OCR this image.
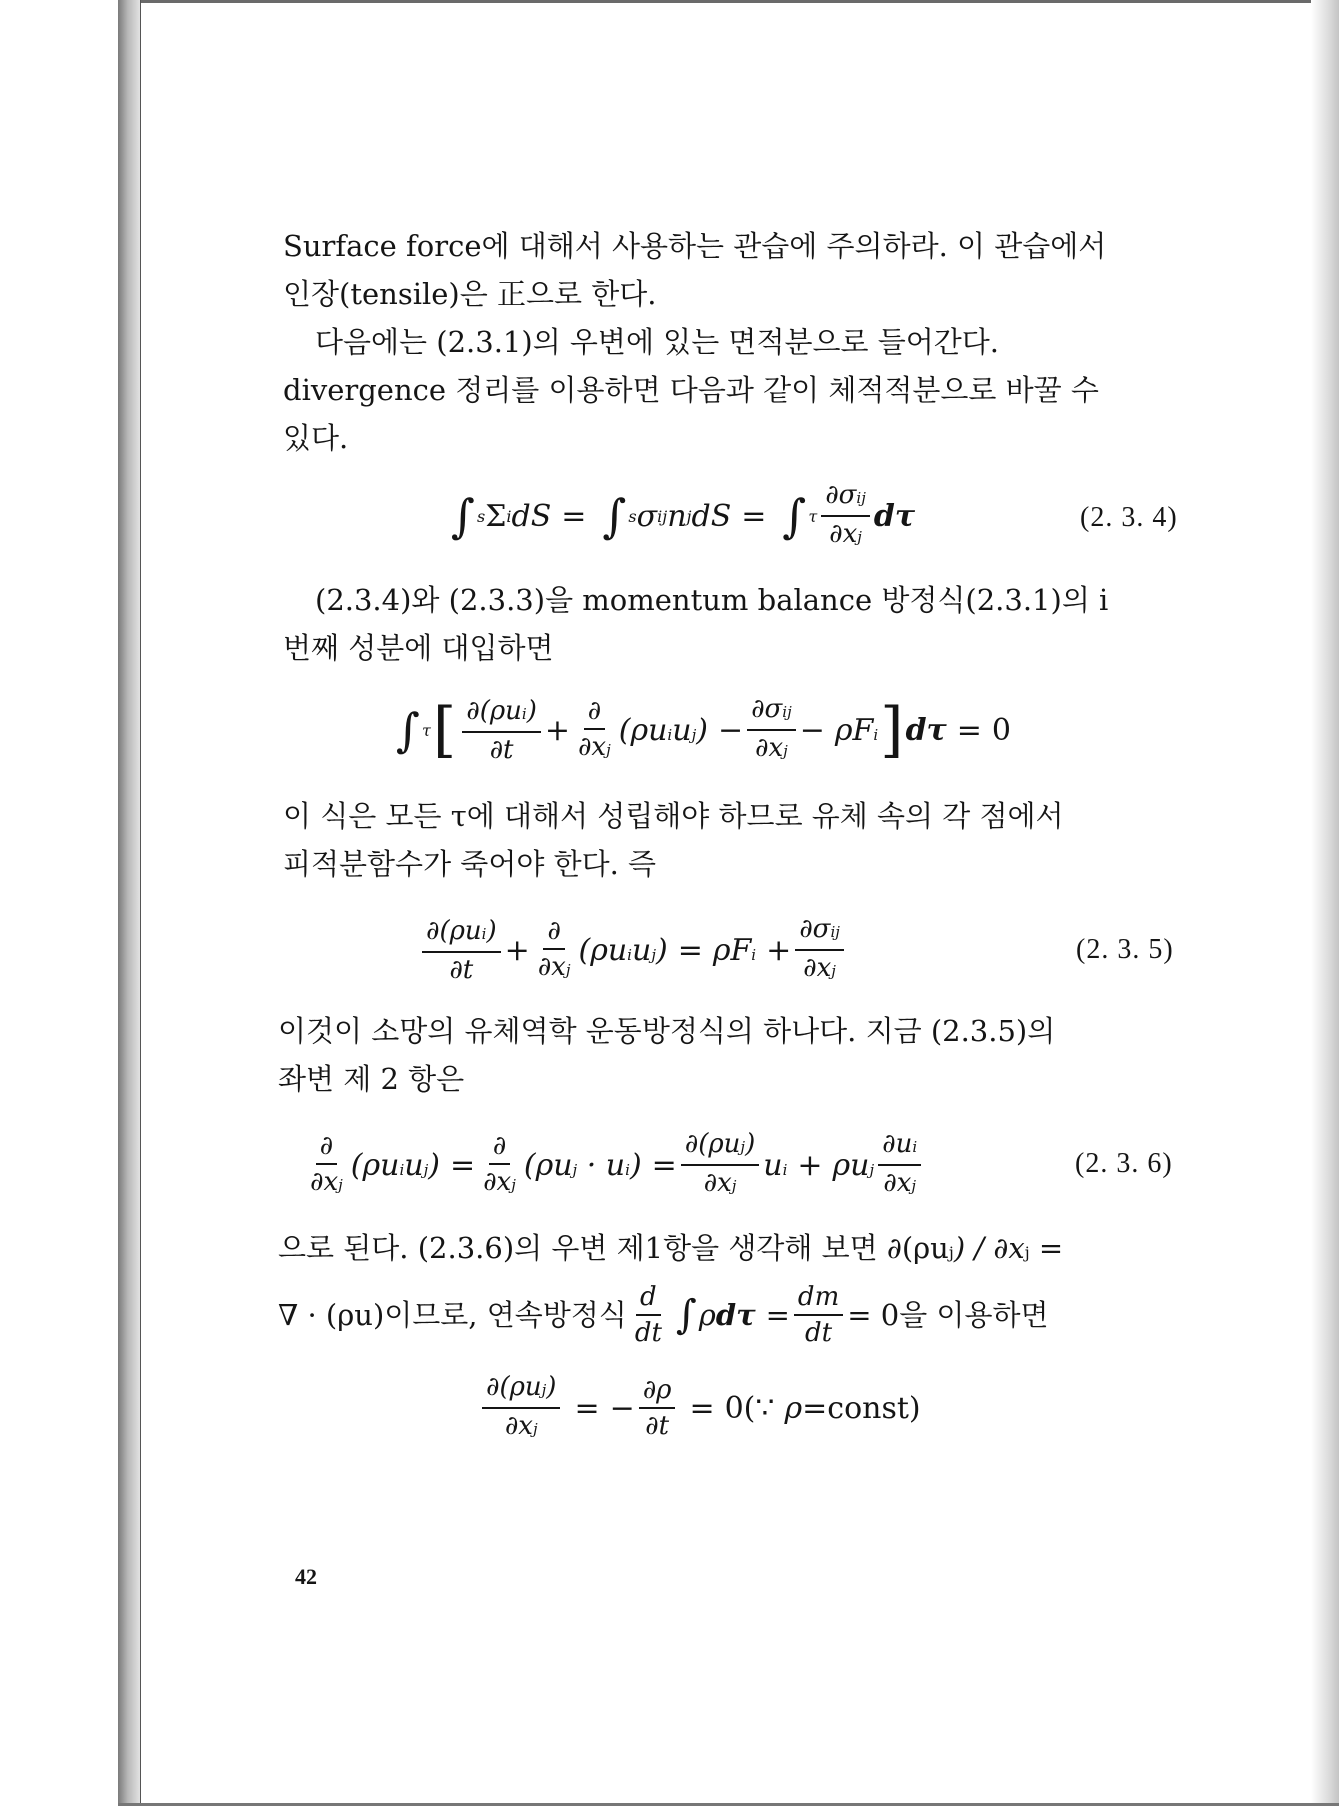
Surface force에 대해서 사용하는 관습에 주의하라. 이 관습에서
인장(tensile)은 正으로 한다.

다음에는 (2.3.1)의 우변에 있는 면적분으로 들어간다.
divergence 정리를 이용하면 다음과 같이 체적적분으로 바꿀 수
있다.

∫ s Σ i dS = ∫ s σ ij n j dS = ∫ τ $\frac{\text{∂σij}}{\partial xj}$ dτ	(2. 3. 4)

(2.3.4)와 (2.3.3)을 momentum balance 방정식(2.3.1)의 i
번째 성분에 대입하면

∫ τ [ $\frac{\text{∂(ρui)}}{\partial t} + \frac{\partial}{\partial xj}$ (ρuiuj) − $\frac{\text{∂σij}}{\partial xj} - \rho Fi$ ] dτ = 0

이 식은 모든 τ에 대해서 성립해야 하므로 유체 속의 각 점에서
피적분함수가 죽어야 한다. 즉

$\frac{\text{∂(ρui)}}{\partial t} + \frac{\partial}{\partial xj}$ (ρuiuj) = $\rho Fi + \frac{\text{∂σij}}{\partial xj}$	(2. 3. 5)

이것이 소망의 유체역학 운동방정식의 하나다. 지금 (2.3.5)의
좌변 제 2 항은

$\frac{\partial}{\partial xj}$ (ρuiuj) = $\frac{\partial}{\partial xj} (\rho uj \cdot ui) = \frac{\text{∂(ρuj)}}{\partial xj}$ ui + ρuj $\frac{\partial ui}{\partial xj}$	(2. 3. 6)
으로 된다. (2.3.6)의 우변 제1항을 생각해 보면 ∂(ρuj) / ∂xj =
∇ · (ρu)이므로, 연속방정식 $\frac{d}{dt}$ ∫ $\rho d\tau = \frac{dm}{dt} = 0$을 이용하면
$\frac{\text{∂(ρuj)}}{\partial xj}$ = − $\frac{\partial\rho}{\partial t}$ = 0(∵ ρ =const)
42
